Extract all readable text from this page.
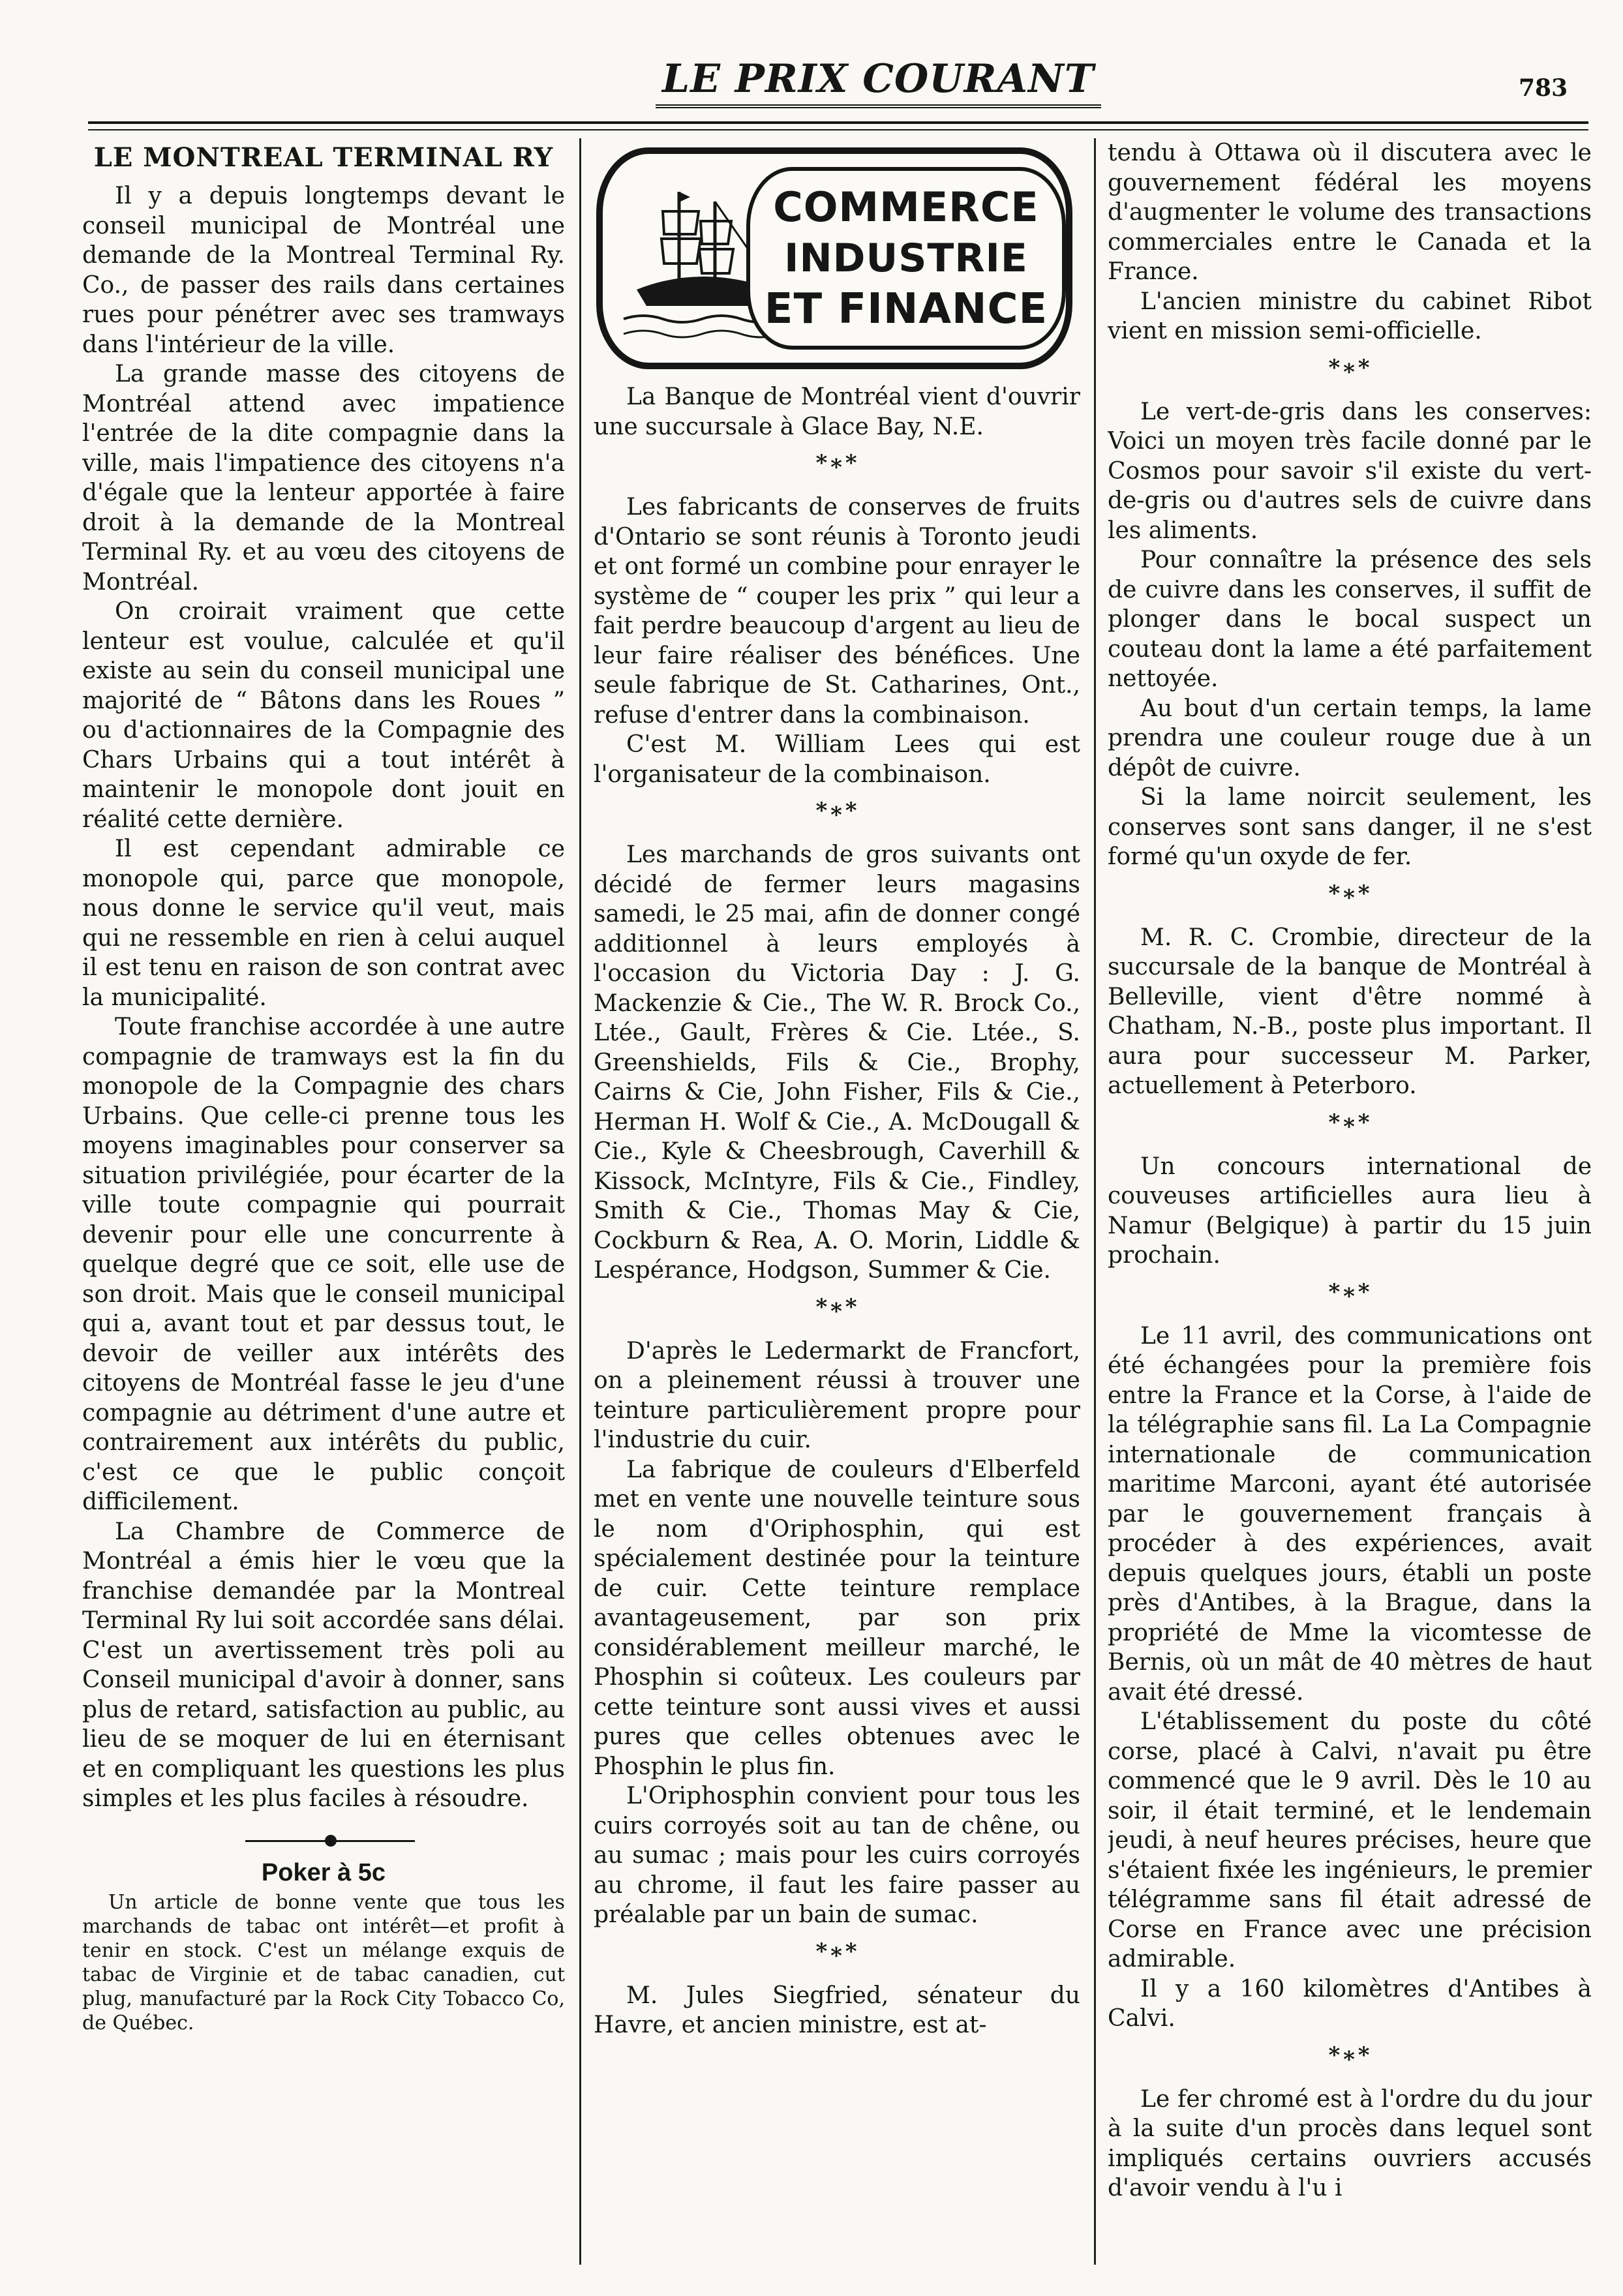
LE PRIX COURANT	783
LE MONTREAL TERMINAL RY

Il y a depuis longtemps devant le conseil municipal de Montréal une demande de la Montreal Terminal Ry. Co., de passer des rails dans certaines rues pour pénétrer avec ses tramways dans l'intérieur de la ville.

La grande masse des citoyens de Montréal attend avec impatience l'entrée de la dite compagnie dans la ville, mais l'impatience des citoyens n'a d'égale que la lenteur apportée à faire droit à la demande de la Montreal Terminal Ry. et au vœu des citoyens de Montréal.

On croirait vraiment que cette lenteur est voulue, calculée et qu'il existe au sein du conseil municipal une majorité de “ Bâtons dans les Roues ” ou d'actionnaires de la Compagnie des Chars Urbains qui a tout intérêt à maintenir le monopole dont jouit en réalité cette dernière.

Il est cependant admirable ce monopole qui, parce que monopole, nous donne le service qu'il veut, mais qui ne ressemble en rien à celui auquel il est tenu en raison de son contrat avec la municipalité.

Toute franchise accordée à une autre compagnie de tramways est la fin du monopole de la Compagnie des chars Urbains. Que celle-ci prenne tous les moyens imaginables pour conserver sa situation privilégiée, pour écarter de la ville toute compagnie qui pourrait devenir pour elle une concurrente à quelque degré que ce soit, elle use de son droit. Mais que le conseil municipal qui a, avant tout et par dessus tout, le devoir de veiller aux intérêts des citoyens de Montréal fasse le jeu d'une compagnie au détriment d'une autre et contrairement aux intérêts du public, c'est ce que le public conçoit difficilement.

La Chambre de Commerce de Montréal a émis hier le vœu que la franchise demandée par la Montreal Terminal Ry lui soit accordée sans délai. C'est un avertissement très poli au Conseil municipal d'avoir à donner, sans plus de retard, satisfaction au public, au lieu de se moquer de lui en éternisant et en compliquant les questions les plus simples et les plus faciles à résoudre.

Poker à 5c

Un article de bonne vente que tous les marchands de tabac ont intérêt—et profit à tenir en stock. C'est un mélange exquis de tabac de Virginie et de tabac canadien, cut plug, manufacturé par la Rock City Tobacco Co, de Québec.

COMMERCE
INDUSTRIE
ET FINANCE

La Banque de Montréal vient d'ouvrir une succursale à Glace Bay, N.E.

*∗*

Les fabricants de conserves de fruits d'Ontario se sont réunis à Toronto jeudi et ont formé un combine pour enrayer le système de “ couper les prix ” qui leur a fait perdre beaucoup d'argent au lieu de leur faire réaliser des bénéfices. Une seule fabrique de St. Catharines, Ont., refuse d'entrer dans la combinaison.

C'est M. William Lees qui est l'organisateur de la combinaison.

*∗*

Les marchands de gros suivants ont décidé de fermer leurs magasins samedi, le 25 mai, afin de donner congé additionnel à leurs employés à l'occasion du Victoria Day : J. G. Mackenzie & Cie., The W. R. Brock Co., Ltée., Gault, Frères & Cie. Ltée., S. Greenshields, Fils & Cie., Brophy, Cairns & Cie, John Fisher, Fils & Cie., Herman H. Wolf & Cie., A. McDougall & Cie., Kyle & Cheesbrough, Caverhill & Kissock, McIntyre, Fils & Cie., Findley, Smith & Cie., Thomas May & Cie, Cockburn & Rea, A. O. Morin, Liddle & Lespérance, Hodgson, Summer & Cie.

*∗*

D'après le Ledermarkt de Francfort, on a pleinement réussi à trouver une teinture particulièrement propre pour l'industrie du cuir.

La fabrique de couleurs d'Elberfeld met en vente une nouvelle teinture sous le nom d'Oriphosphin, qui est spécialement destinée pour la teinture de cuir. Cette teinture remplace avantageusement, par son prix considérablement meilleur marché, le Phosphin si coûteux. Les couleurs par cette teinture sont aussi vives et aussi pures que celles obtenues avec le Phosphin le plus fin.

L'Oriphosphin convient pour tous les cuirs corroyés soit au tan de chêne, ou au sumac ; mais pour les cuirs corroyés au chrome, il faut les faire passer au préalable par un bain de sumac.

*∗*

M. Jules Siegfried, sénateur du Havre, et ancien ministre, est at-

tendu à Ottawa où il discutera avec le gouvernement fédéral les moyens d'augmenter le volume des transactions commerciales entre le Canada et la France.

L'ancien ministre du cabinet Ribot vient en mission semi-officielle.

*∗*

Le vert-de-gris dans les conserves: Voici un moyen très facile donné par le Cosmos pour savoir s'il existe du vert-de-gris ou d'autres sels de cuivre dans les aliments.

Pour connaître la présence des sels de cuivre dans les conserves, il suffit de plonger dans le bocal suspect un couteau dont la lame a été parfaitement nettoyée.

Au bout d'un certain temps, la lame prendra une couleur rouge due à un dépôt de cuivre.

Si la lame noircit seulement, les conserves sont sans danger, il ne s'est formé qu'un oxyde de fer.

*∗*

M. R. C. Crombie, directeur de la succursale de la banque de Montréal à Belleville, vient d'être nommé à Chatham, N.-B., poste plus important. Il aura pour successeur M. Parker, actuellement à Peterboro.

*∗*

Un concours international de couveuses artificielles aura lieu à Namur (Belgique) à partir du 15 juin prochain.

*∗*

Le 11 avril, des communications ont été échangées pour la première fois entre la France et la Corse, à l'aide de la télégraphie sans fil. La La Compagnie internationale de communication maritime Marconi, ayant été autorisée par le gouvernement français à procéder à des expériences, avait depuis quelques jours, établi un poste près d'Antibes, à la Brague, dans la propriété de Mme la vicomtesse de Bernis, où un mât de 40 mètres de haut avait été dressé.

L'établissement du poste du côté corse, placé à Calvi, n'avait pu être commencé que le 9 avril. Dès le 10 au soir, il était terminé, et le lendemain jeudi, à neuf heures précises, heure que s'étaient fixée les ingénieurs, le premier télégramme sans fil était adressé de Corse en France avec une précision admirable.

Il y a 160 kilomètres d'Antibes à Calvi.

*∗*

Le fer chromé est à l'ordre du du jour à la suite d'un procès dans lequel sont impliqués certains ouvriers accusés d'avoir vendu à l'u i
